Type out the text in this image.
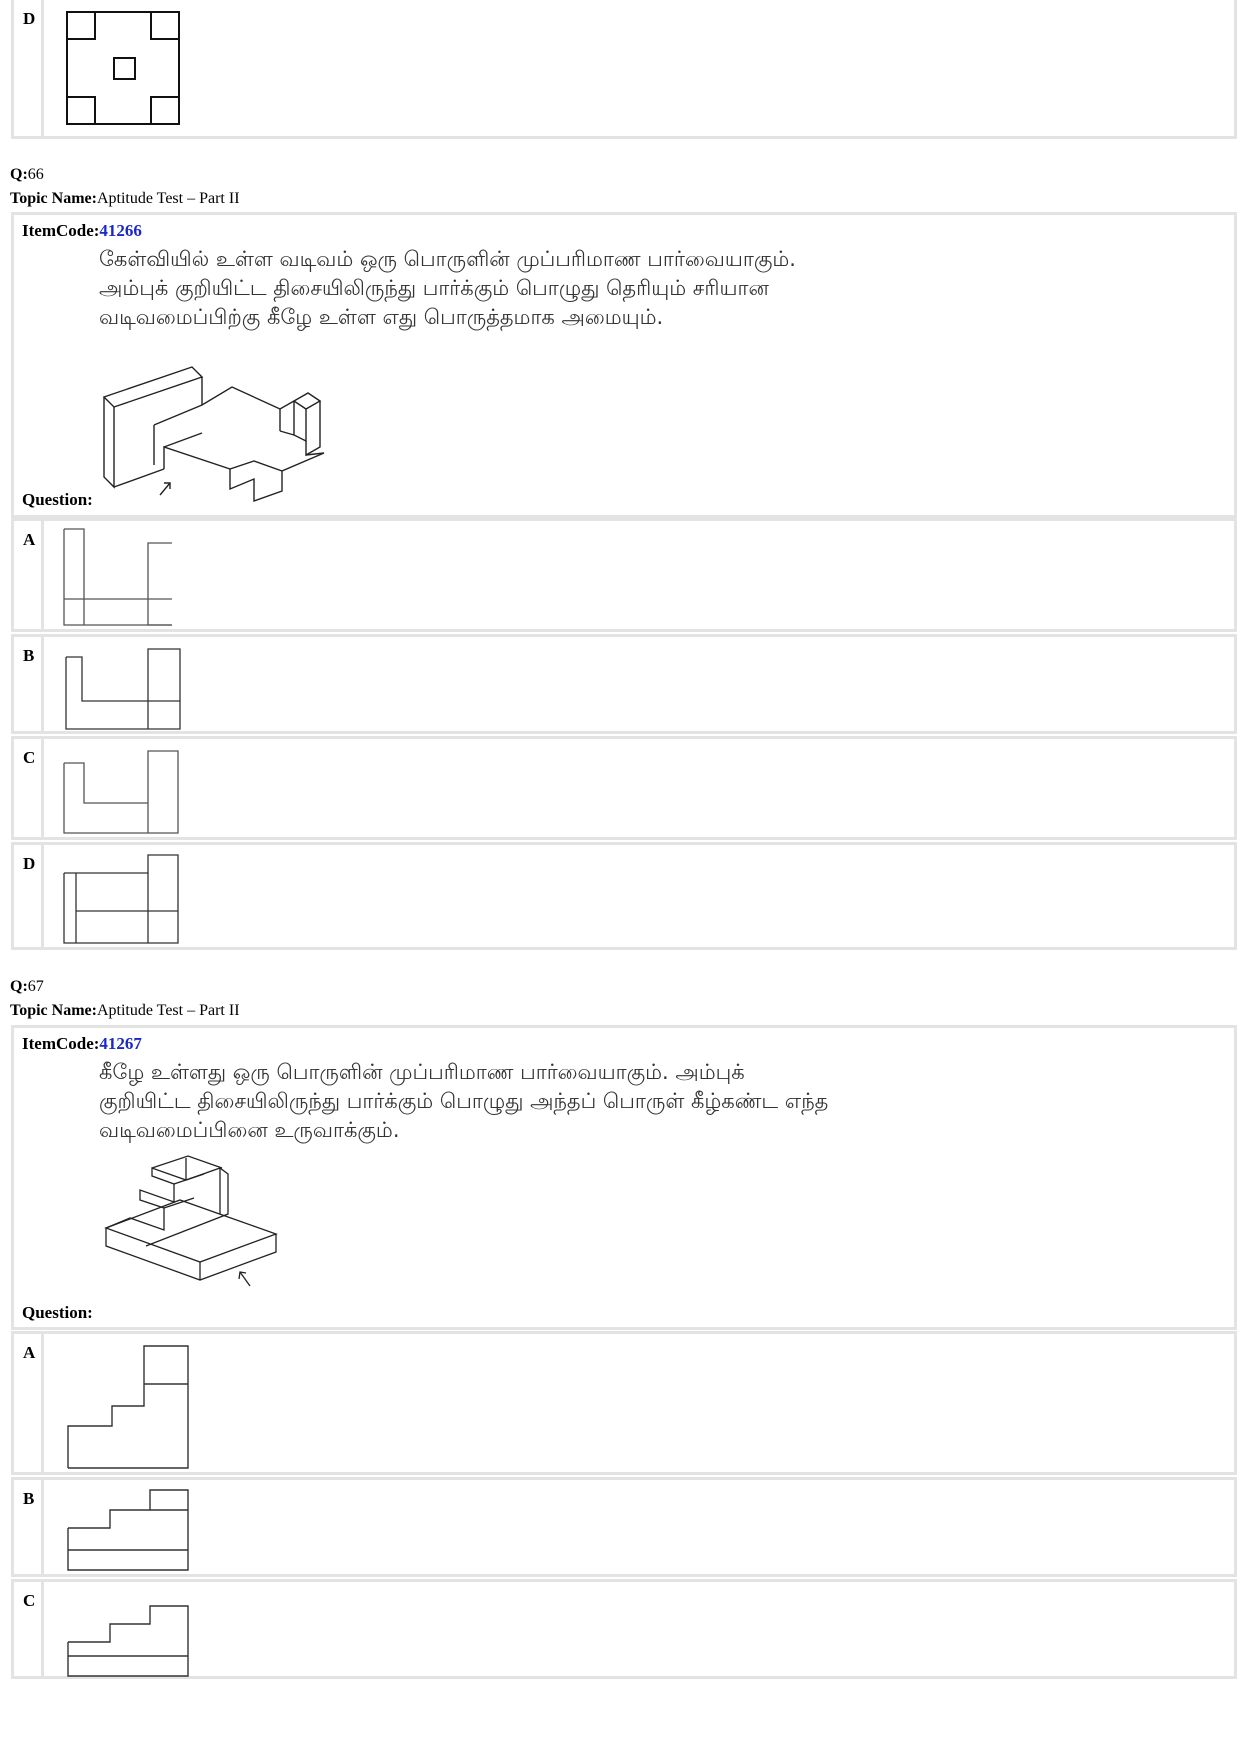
D
Q:66
Topic Name:Aptitude Test – Part II
ItemCode:41266
கேள்வியில் உள்ள வடிவம் ஒரு பொருளின் முப்பரிமாண பார்வையாகும். அம்புக் குறியிட்ட திசையிலிருந்து பார்க்கும் பொழுது தெரியும் சரியான வடிவமைப்பிற்கு கீழே உள்ள எது பொருத்தமாக அமையும்.
Question:
A
B
C
D
Q:67
Topic Name:Aptitude Test – Part II
ItemCode:41267
கீழே உள்ளது ஒரு பொருளின் முப்பரிமாண பார்வையாகும். அம்புக் குறியிட்ட திசையிலிருந்து பார்க்கும் பொழுது அந்தப் பொருள் கீழ்கண்ட எந்த வடிவமைப்பினை உருவாக்கும்.
Question:
A
B
C
